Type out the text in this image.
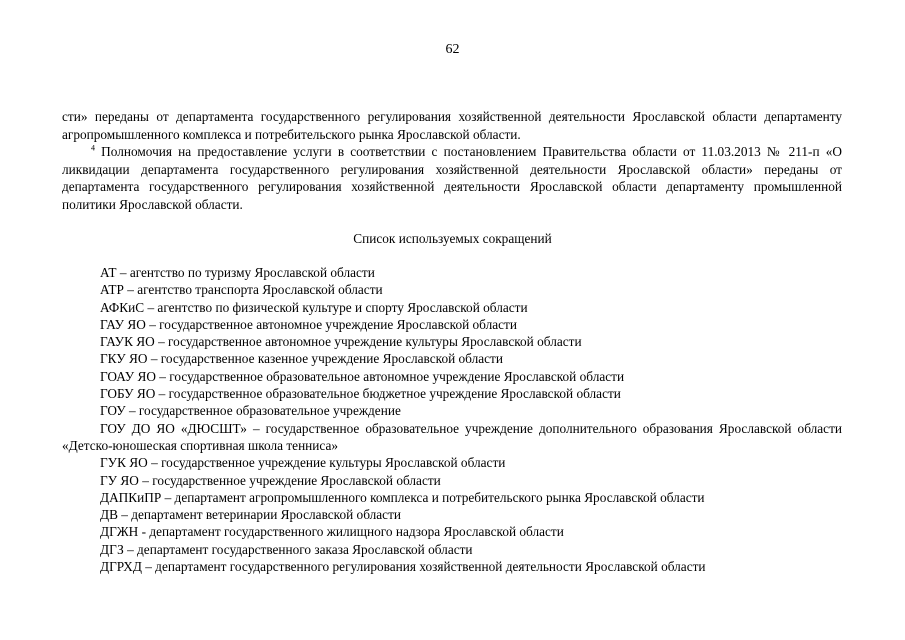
62

сти» переданы от департамента государственного регулирования хозяйственной деятельности Ярославской области департаменту агропромышленного комплекса и потребительского рынка Ярославской области.

$^4$ Полномочия на предоставление услуги в соответствии с постановлением Правительства области от 11.03.2013 № 211-п «О ликвидации департамента государственного регулирования хозяйственной деятельности Ярославской области» переданы от департамента государственного регулирования хозяйственной деятельности Ярославской области департаменту промышленной политики Ярославской области.

Список используемых сокращений

АТ – агентство по туризму Ярославской области

АТР – агентство транспорта Ярославской области

АФКиС – агентство по физической культуре и спорту Ярославской области

ГАУ ЯО – государственное автономное учреждение Ярославской области

ГАУК ЯО – государственное автономное учреждение культуры Ярославской области

ГКУ ЯО – государственное казенное учреждение Ярославской области

ГОАУ ЯО – государственное образовательное автономное учреждение Ярославской области

ГОБУ ЯО – государственное образовательное бюджетное учреждение Ярославской области

ГОУ – государственное образовательное учреждение

ГОУ ДО ЯО «ДЮСШТ» – государственное образовательное учреждение дополнительного образования Ярославской области «Детско-юношеская спортивная школа тенниса»

ГУК ЯО – государственное учреждение культуры Ярославской области

ГУ ЯО – государственное учреждение Ярославской области

ДАПКиПР – департамент агропромышленного комплекса и потребительского рынка Ярославской области

ДВ – департамент ветеринарии Ярославской области

ДГЖН - департамент государственного жилищного надзора Ярославской области

ДГЗ – департамент государственного заказа Ярославской области

ДГРХД – департамент государственного регулирования хозяйственной деятельности Ярославской области
